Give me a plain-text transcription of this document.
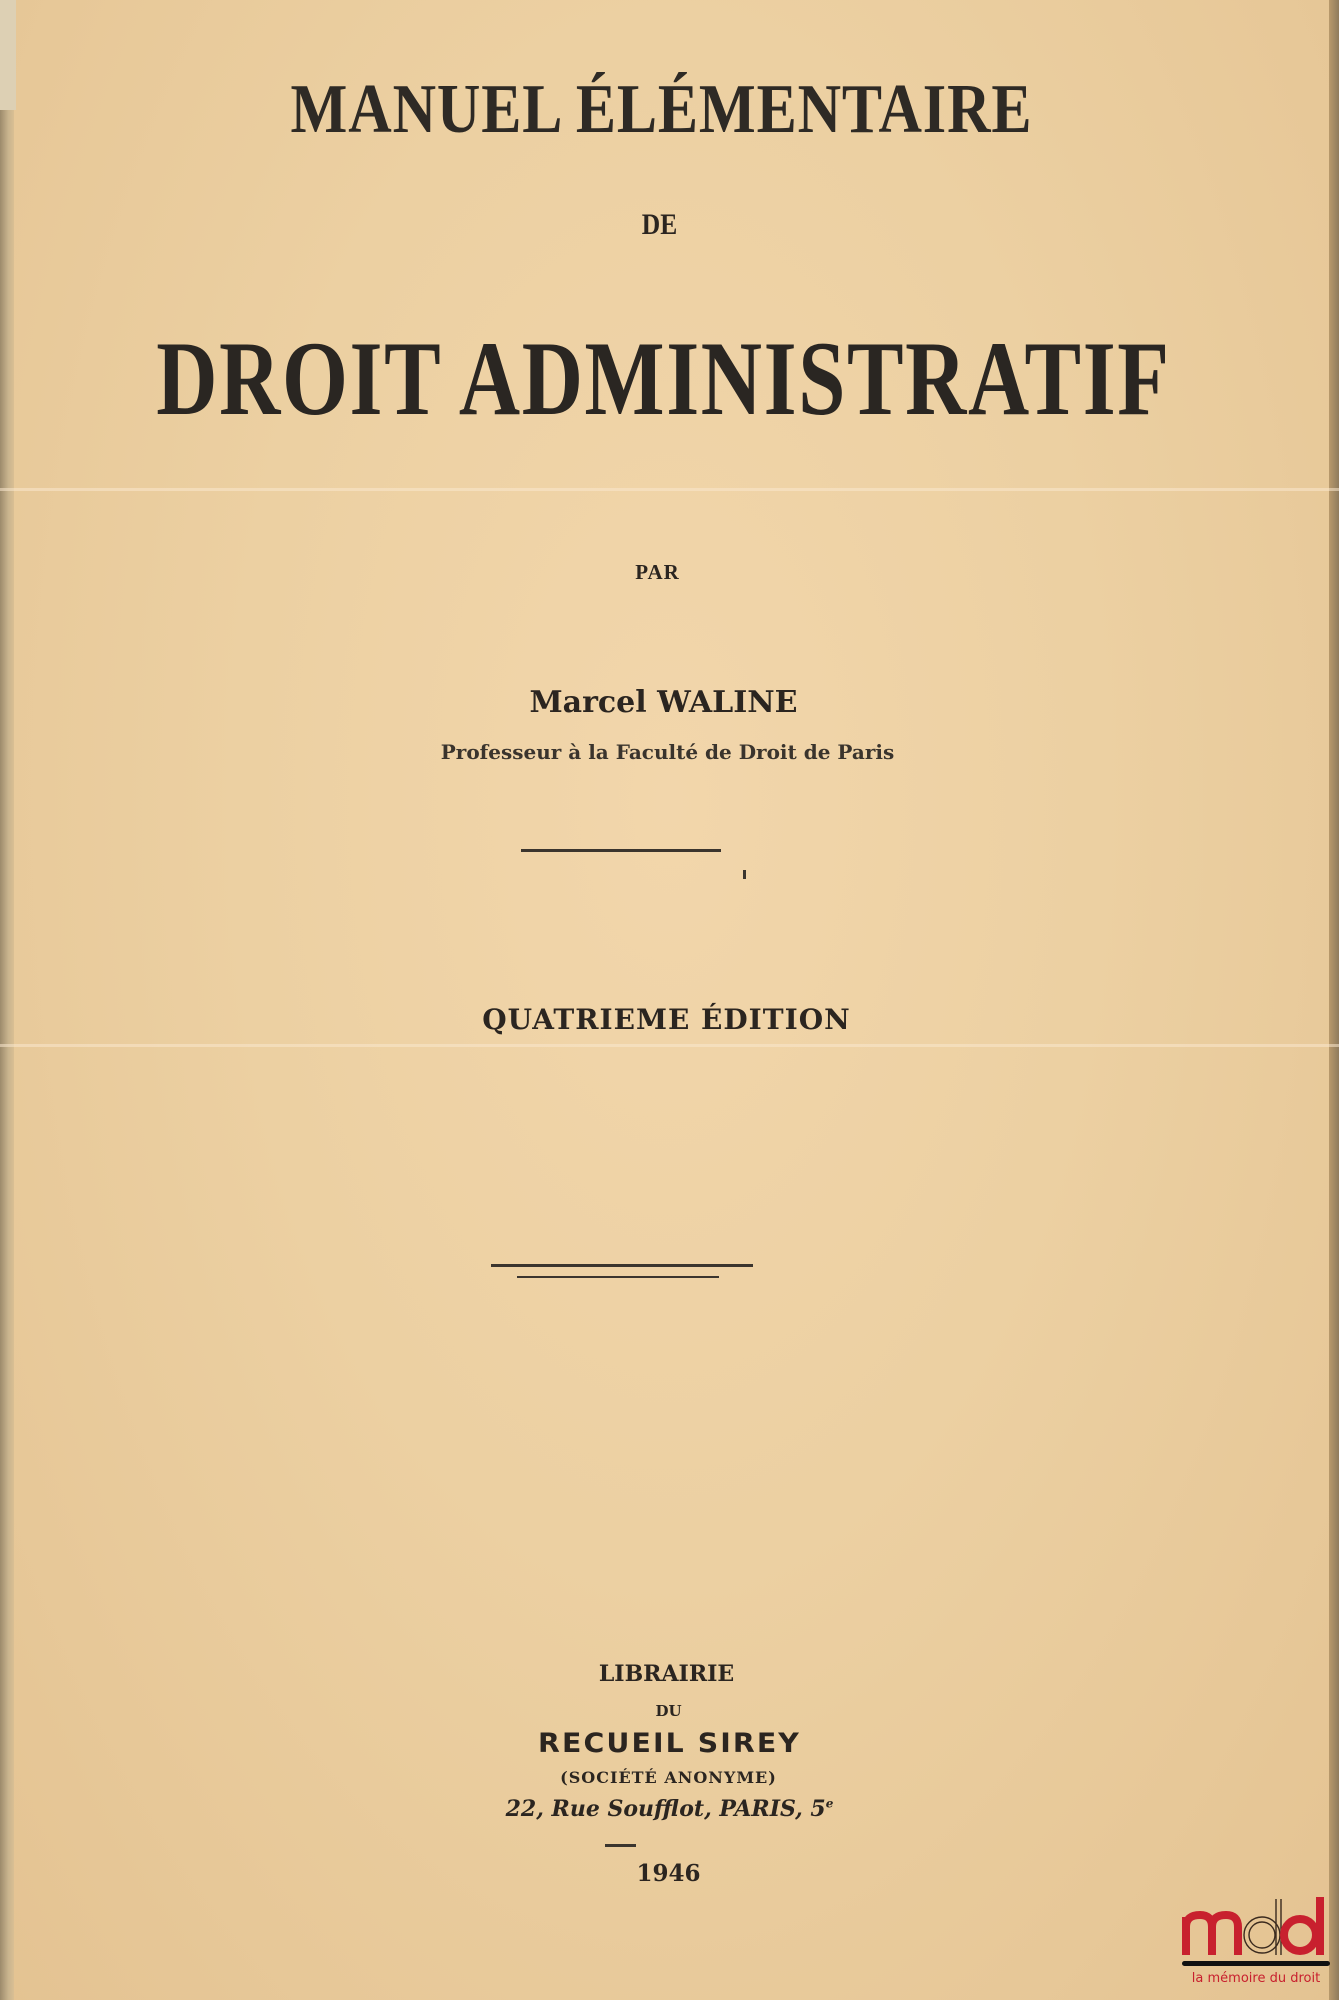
MANUEL ÉLÉMENTAIRE
DE
DROIT ADMINISTRATIF
PAR
Marcel WALINE
Professeur à la Faculté de Droit de Paris
QUATRIEME ÉDITION
LIBRAIRIE
DU
RECUEIL SIREY
(SOCIÉTÉ ANONYME)
22, Rue Soufflot, PARIS, 5e
1946
la mémoire du droit
